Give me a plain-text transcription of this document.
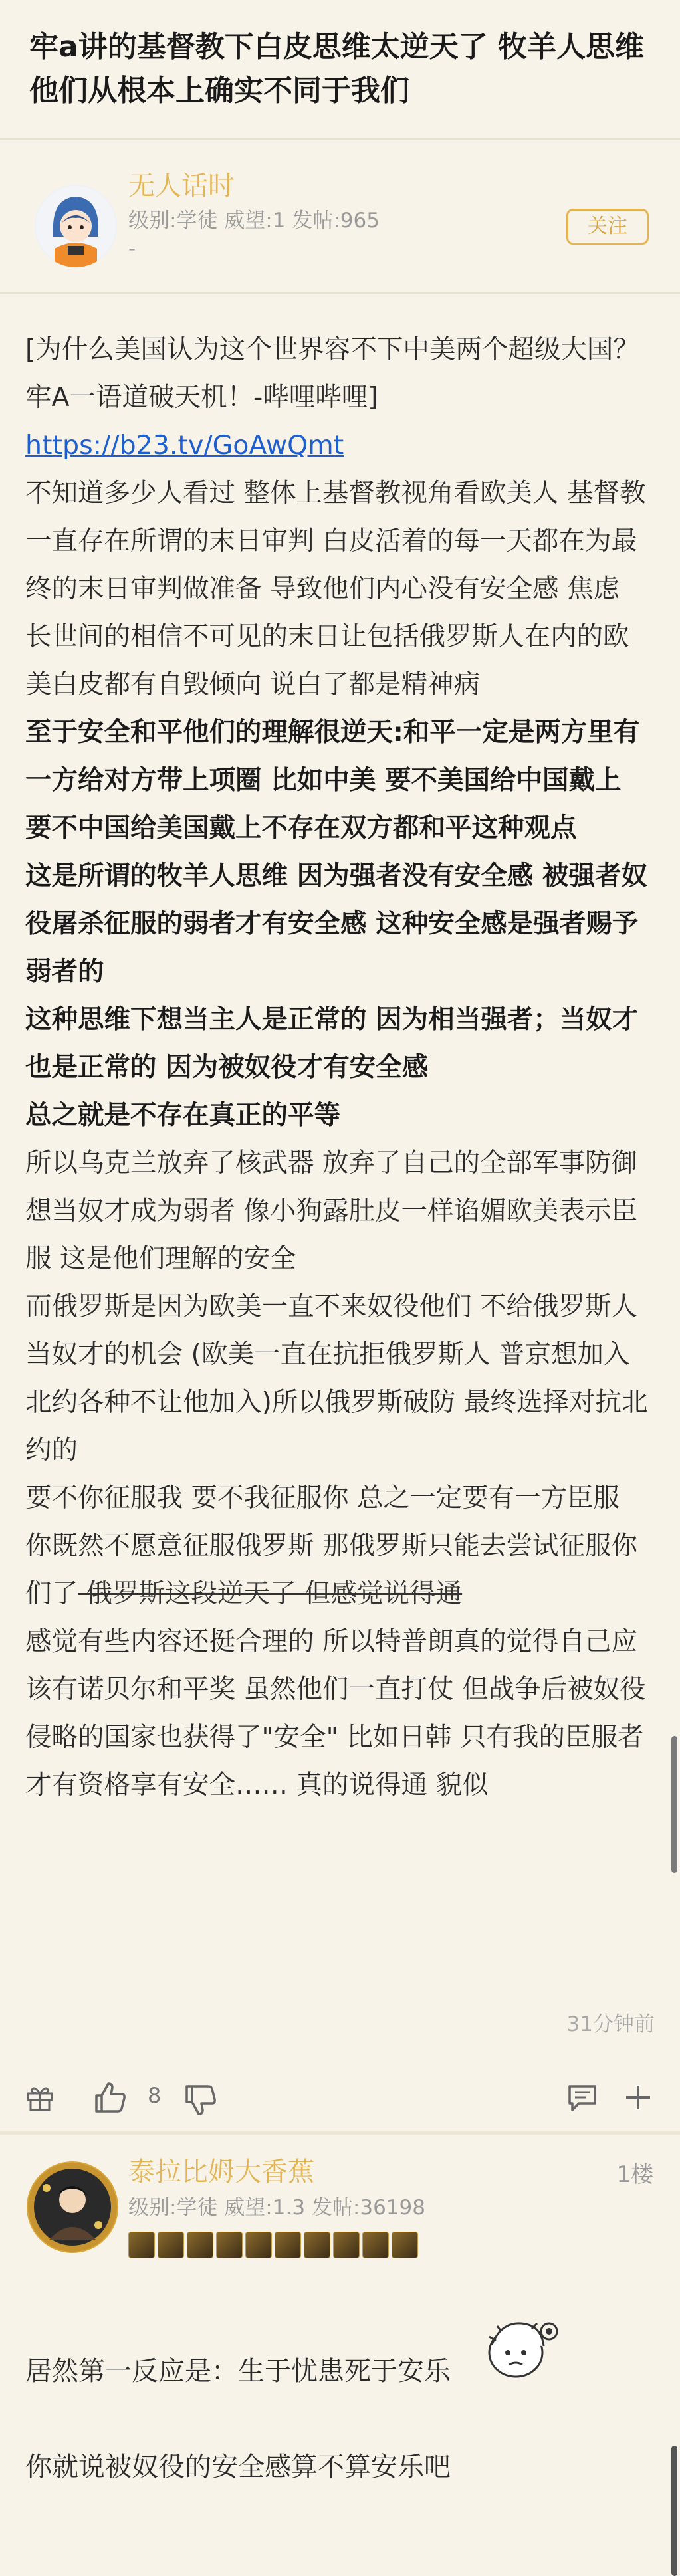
牢a讲的基督教下白皮思维太逆天了 牧羊人思维 他们从根本上确实不同于我们
无人话时
级别:学徒 威望:1 发帖:965
-
关注

[为什么美国认为这个世界容不下中美两个超级大国？牢A一语道破天机！-哔哩哔哩] https://b23.tv/GoAwQmt

不知道多少人看过 整体上基督教视角看欧美人 基督教一直存在所谓的末日审判 白皮活着的每一天都在为最终的末日审判做准备 导致他们内心没有安全感 焦虑 长世间的相信不可见的末日让包括俄罗斯人在内的欧美白皮都有自毁倾向 说白了都是精神病

至于安全和平他们的理解很逆天:和平一定是两方里有一方给对方带上项圈 比如中美 要不美国给中国戴上 要不中国给美国戴上不存在双方都和平这种观点

这是所谓的牧羊人思维 因为强者没有安全感 被强者奴役屠杀征服的弱者才有安全感 这种安全感是强者赐予弱者的

这种思维下想当主人是正常的 因为相当强者；当奴才也是正常的 因为被奴役才有安全感

总之就是不存在真正的平等

所以乌克兰放弃了核武器 放弃了自己的全部军事防御 想当奴才成为弱者 像小狗露肚皮一样谄媚欧美表示臣服 这是他们理解的安全

而俄罗斯是因为欧美一直不来奴役他们 不给俄罗斯人当奴才的机会 (欧美一直在抗拒俄罗斯人 普京想加入北约各种不让他加入)所以俄罗斯破防 最终选择对抗北约的

要不你征服我 要不我征服你 总之一定要有一方臣服 你既然不愿意征服俄罗斯 那俄罗斯只能去尝试征服你们了 俄罗斯这段逆天了 但感觉说得通

感觉有些内容还挺合理的 所以特普朗真的觉得自己应该有诺贝尔和平奖 虽然他们一直打仗 但战争后被奴役侵略的国家也获得了"安全" 比如日韩 只有我的臣服者才有资格享有安全…… 真的说得通 貌似

31分钟前
8
泰拉比姆大香蕉
级别:学徒 威望:1.3 发帖:36198
1楼
居然第一反应是：生于忧患死于安乐
你就说被奴役的安全感算不算安乐吧
